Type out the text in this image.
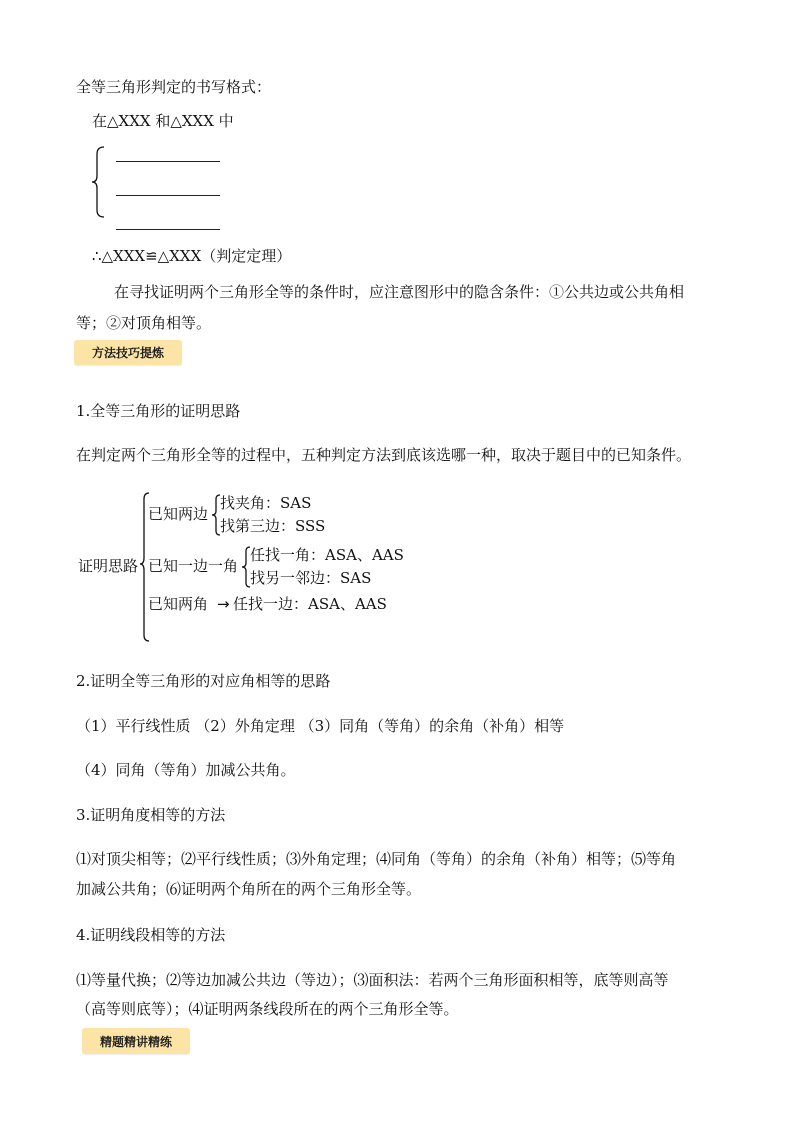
全等三角形判定的书写格式：
在△XXX 和△XXX 中
∴△XXX≌△XXX（判定定理）
在寻找证明两个三角形全等的条件时，应注意图形中的隐含条件：①公共边或公共角相
等；②对顶角相等。
方法技巧提炼
1.全等三角形的证明思路
在判定两个三角形全等的过程中，五种判定方法到底该选哪一种，取决于题目中的已知条件。
证明思路
已知两边
找夹角：SAS
找第三边：SSS
已知一边一角
任找一角：ASA、AAS
找另一邻边：SAS
已知两角 → 任找一边：ASA、AAS
2.证明全等三角形的对应角相等的思路
（1）平行线性质 （2）外角定理 （3）同角（等角）的余角（补角）相等
（4）同角（等角）加减公共角。
3.证明角度相等的方法
⑴对顶尖相等；⑵平行线性质；⑶外角定理；⑷同角（等角）的余角（补角）相等；⑸等角
加减公共角；⑹证明两个角所在的两个三角形全等。
4.证明线段相等的方法
⑴等量代换；⑵等边加减公共边（等边）；⑶面积法：若两个三角形面积相等，底等则高等
（高等则底等）；⑷证明两条线段所在的两个三角形全等。
精题精讲精练
